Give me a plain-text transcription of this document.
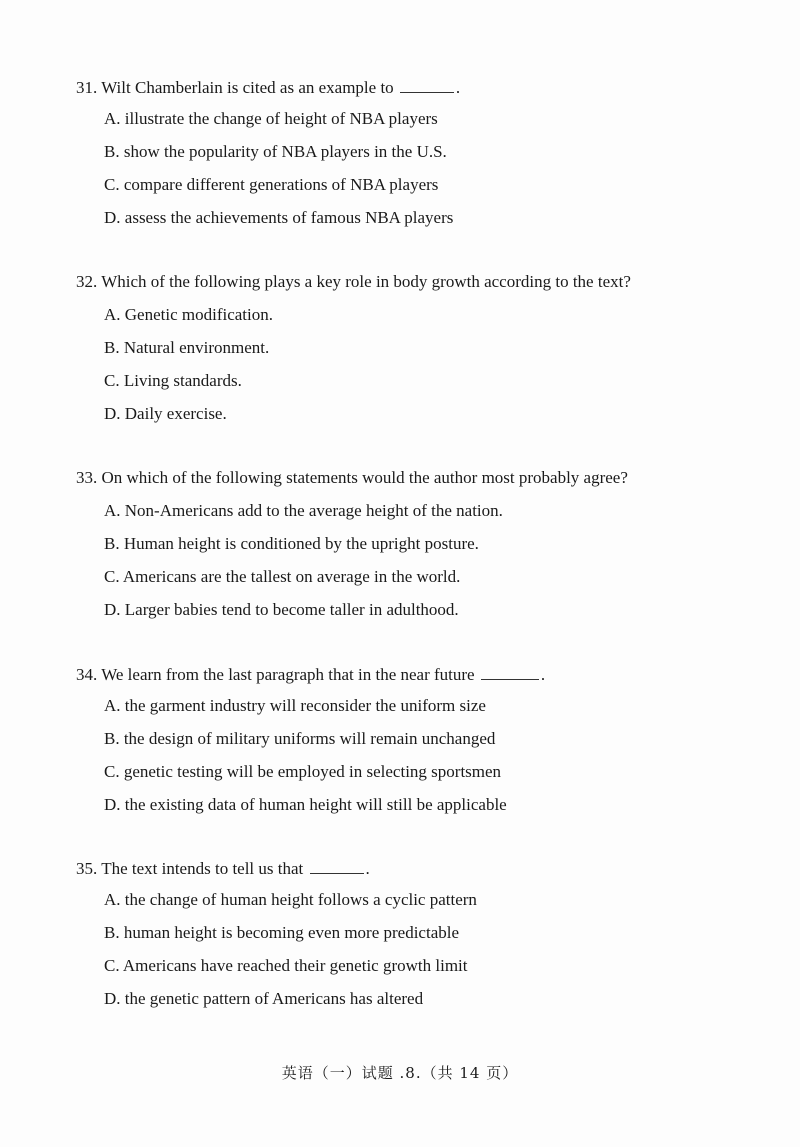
31. Wilt Chamberlain is cited as an example to	.
A. illustrate the change of height of NBA players
B. show the popularity of NBA players in the U.S.
C. compare different generations of NBA players
D. assess the achievements of famous NBA players
32. Which of the following plays a key role in body growth according to the text?
A. Genetic modification.
B. Natural environment.
C. Living standards.
D. Daily exercise.
33. On which of the following statements would the author most probably agree?
A. Non-Americans add to the average height of the nation.
B. Human height is conditioned by the upright posture.
C. Americans are the tallest on average in the world.
D. Larger babies tend to become taller in adulthood.
34. We learn from the last paragraph that in the near future	.
A. the garment industry will reconsider the uniform size
B. the design of military uniforms will remain unchanged
C. genetic testing will be employed in selecting sportsmen
D. the existing data of human height will still be applicable
35. The text intends to tell us that	.
A. the change of human height follows a cyclic pattern
B. human height is becoming even more predictable
C. Americans have reached their genetic growth limit
D. the genetic pattern of Americans has altered
英语（一）试题 .8.（共 14 页）
